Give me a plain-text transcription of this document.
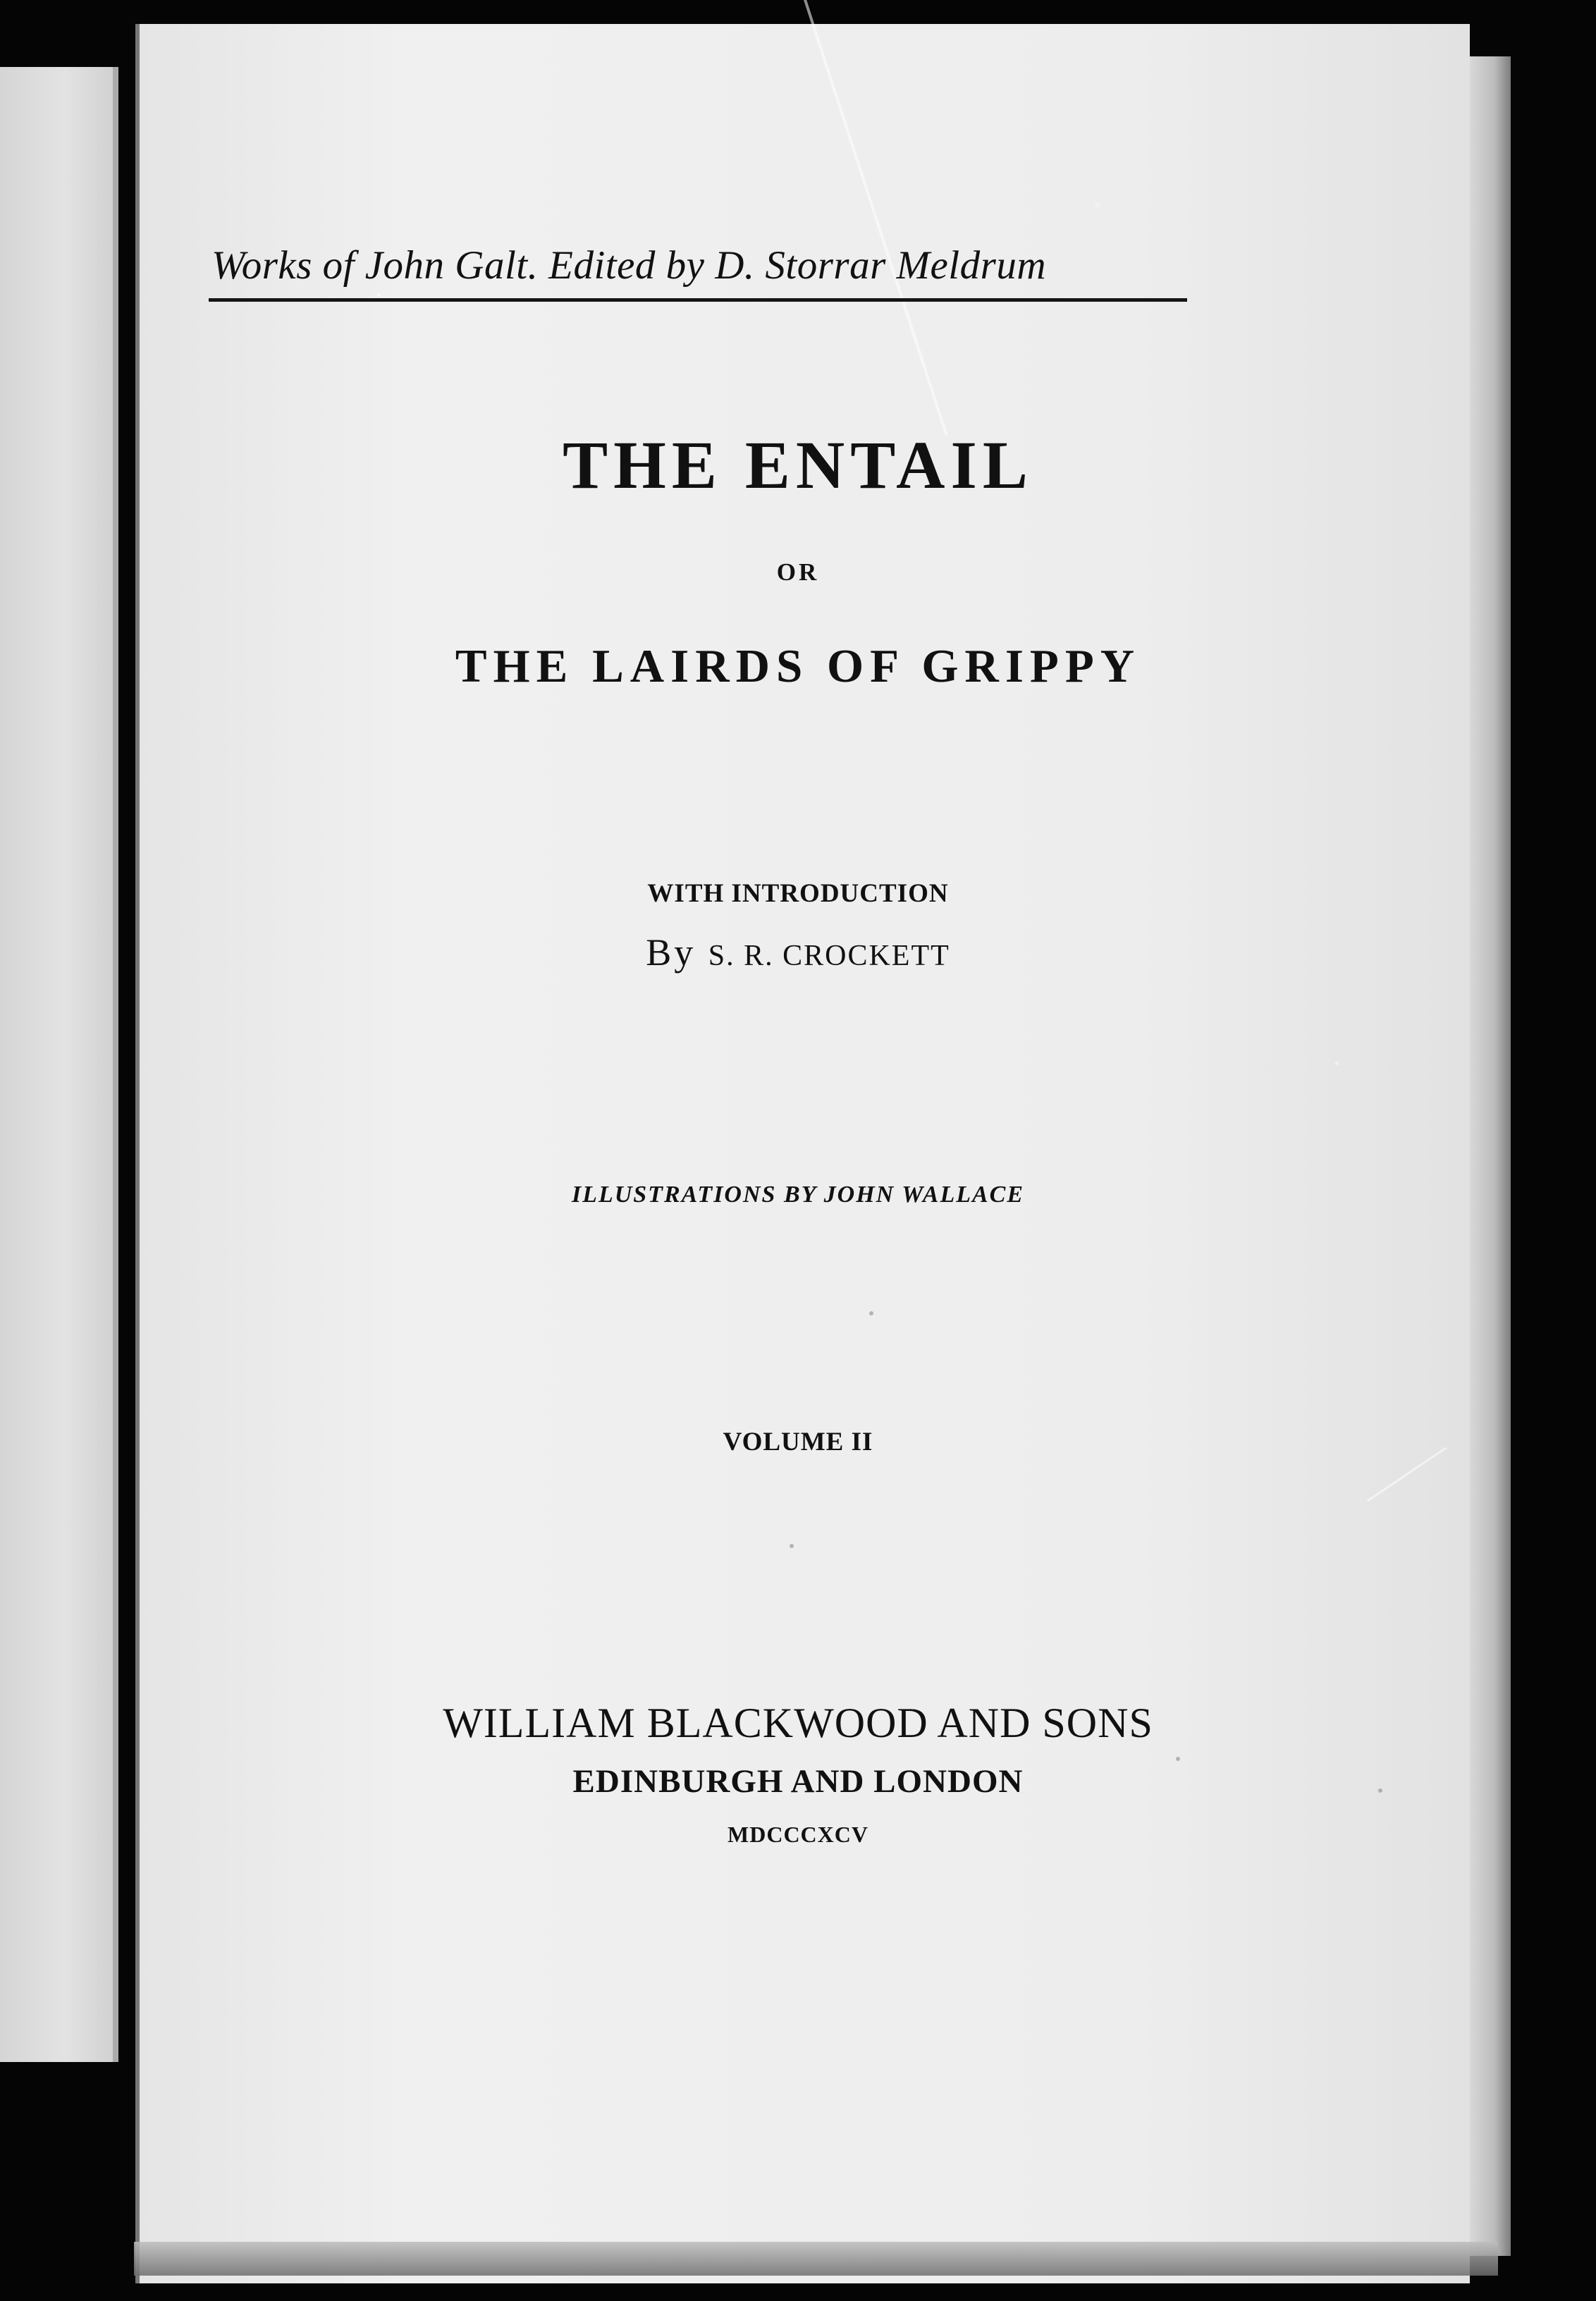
Works of John Galt. Edited by D. Storrar Meldrum
THE ENTAIL
OR
THE LAIRDS OF GRIPPY
WITH INTRODUCTION
By S. R. CROCKETT
ILLUSTRATIONS BY JOHN WALLACE
VOLUME II
WILLIAM BLACKWOOD AND SONS
EDINBURGH AND LONDON
MDCCCXCV
